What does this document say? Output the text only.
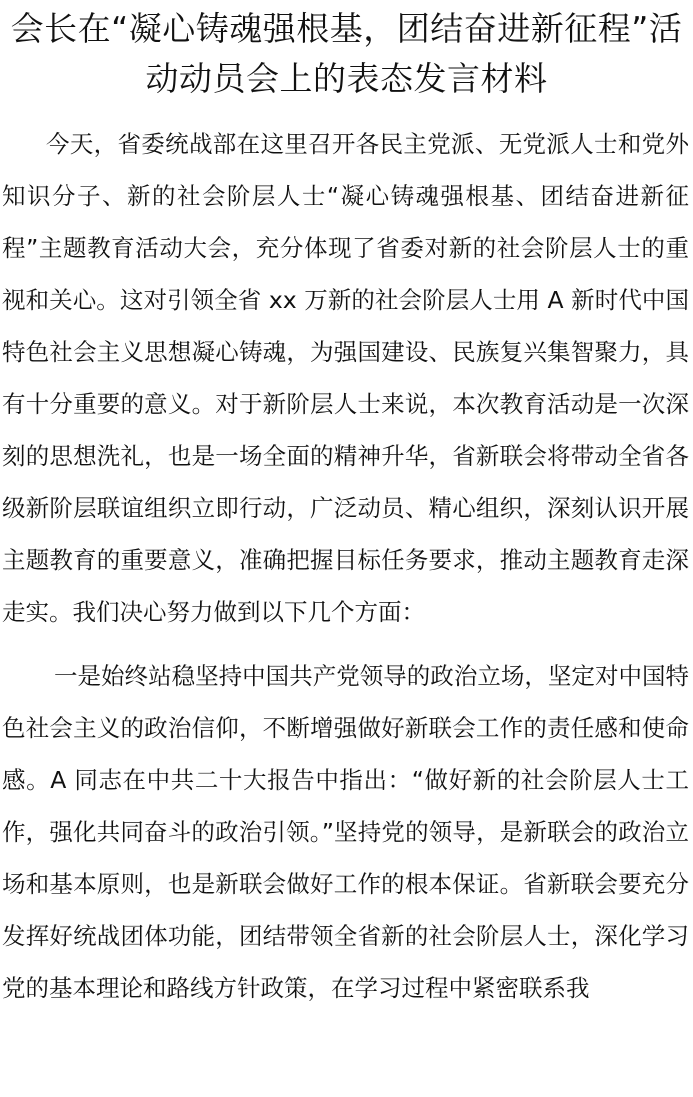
会长在“凝心铸魂强根基，团结奋进新征程”活动动员会上的表态发言材料

今天，省委统战部在这里召开各民主党派、无党派人士和党外知识分子、新的社会阶层人士“凝心铸魂强根基、团结奋进新征程”主题教育活动大会，充分体现了省委对新的社会阶层人士的重视和关心。这对引领全省 xx 万新的社会阶层人士用 A 新时代中国特色社会主义思想凝心铸魂，为强国建设、民族复兴集智聚力，具有十分重要的意义。对于新阶层人士来说，本次教育活动是一次深刻的思想洗礼，也是一场全面的精神升华，省新联会将带动全省各级新阶层联谊组织立即行动，广泛动员、精心组织，深刻认识开展主题教育的重要意义，准确把握目标任务要求，推动主题教育走深走实。我们决心努力做到以下几个方面：

一是始终站稳坚持中国共产党领导的政治立场，坚定对中国特色社会主义的政治信仰，不断增强做好新联会工作的责任感和使命感。A 同志在中共二十大报告中指出：“做好新的社会阶层人士工作，强化共同奋斗的政治引领。”坚持党的领导，是新联会的政治立场和基本原则，也是新联会做好工作的根本保证。省新联会要充分发挥好统战团体功能，团结带领全省新的社会阶层人士，深化学习党的基本理论和路线方针政策，在学习过程中紧密联系我
